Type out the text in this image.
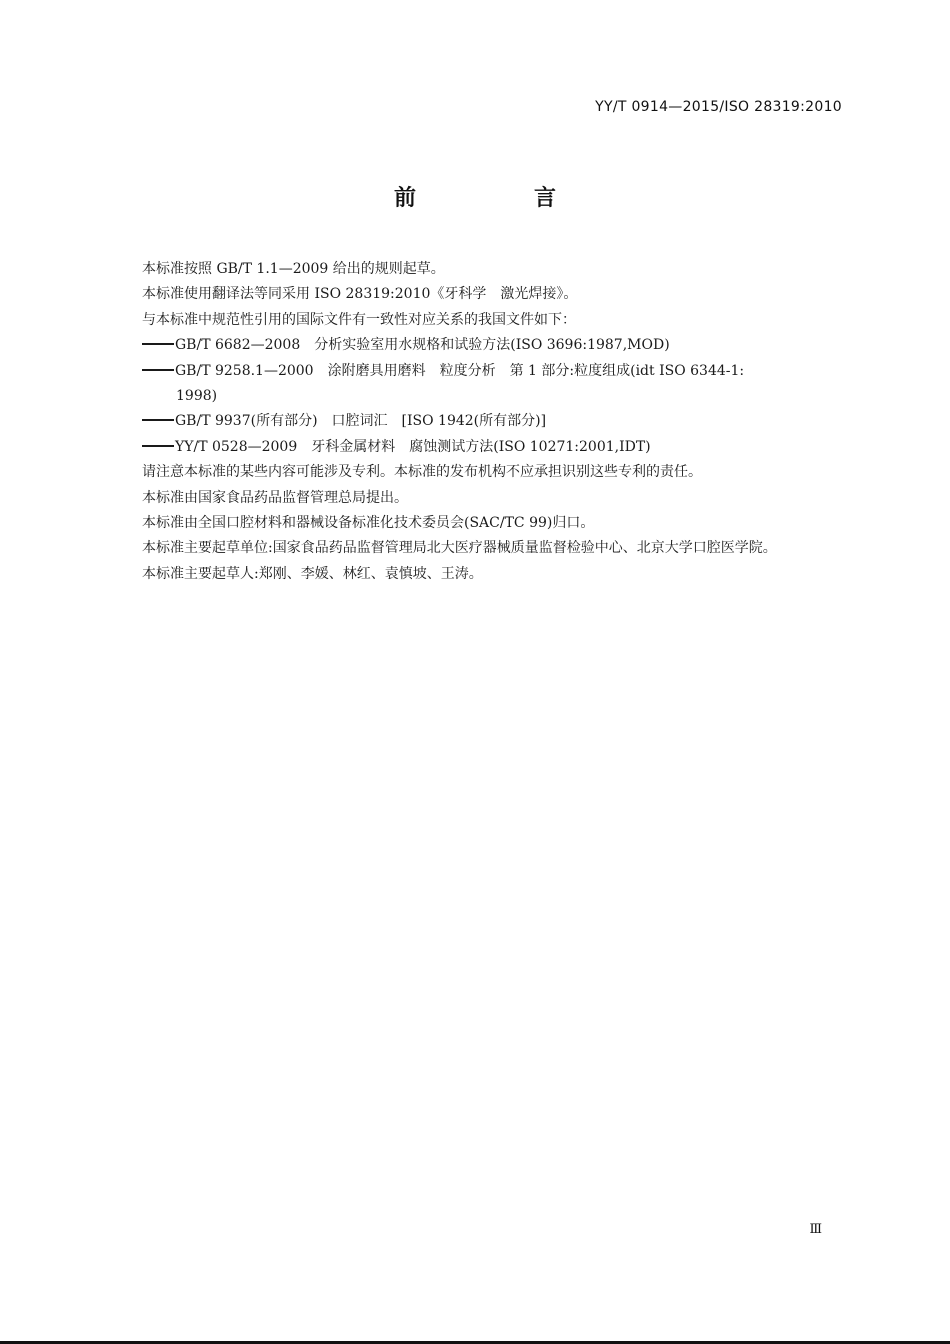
YY/T 0914—2015/ISO 28319:2010
前　言

本标准按照 GB/T 1.1—2009 给出的规则起草。

本标准使用翻译法等同采用 ISO 28319:2010《牙科学　激光焊接》。

与本标准中规范性引用的国际文件有一致性对应关系的我国文件如下：

GB/T 6682—2008　分析实验室用水规格和试验方法(ISO 3696:1987,MOD)
GB/T 9258.1—2000　涂附磨具用磨料　粒度分析　第 1 部分:粒度组成(idt ISO 6344-1:
1998)
GB/T 9937(所有部分)　口腔词汇　[ISO 1942(所有部分)]
YY/T 0528—2009　牙科金属材料　腐蚀测试方法(ISO 10271:2001,IDT)

请注意本标准的某些内容可能涉及专利。本标准的发布机构不应承担识别这些专利的责任。

本标准由国家食品药品监督管理总局提出。

本标准由全国口腔材料和器械设备标准化技术委员会(SAC/TC 99)归口。

本标准主要起草单位:国家食品药品监督管理局北大医疗器械质量监督检验中心、北京大学口腔医学院。

本标准主要起草人:郑刚、李媛、林红、袁慎坡、王涛。

Ⅲ
